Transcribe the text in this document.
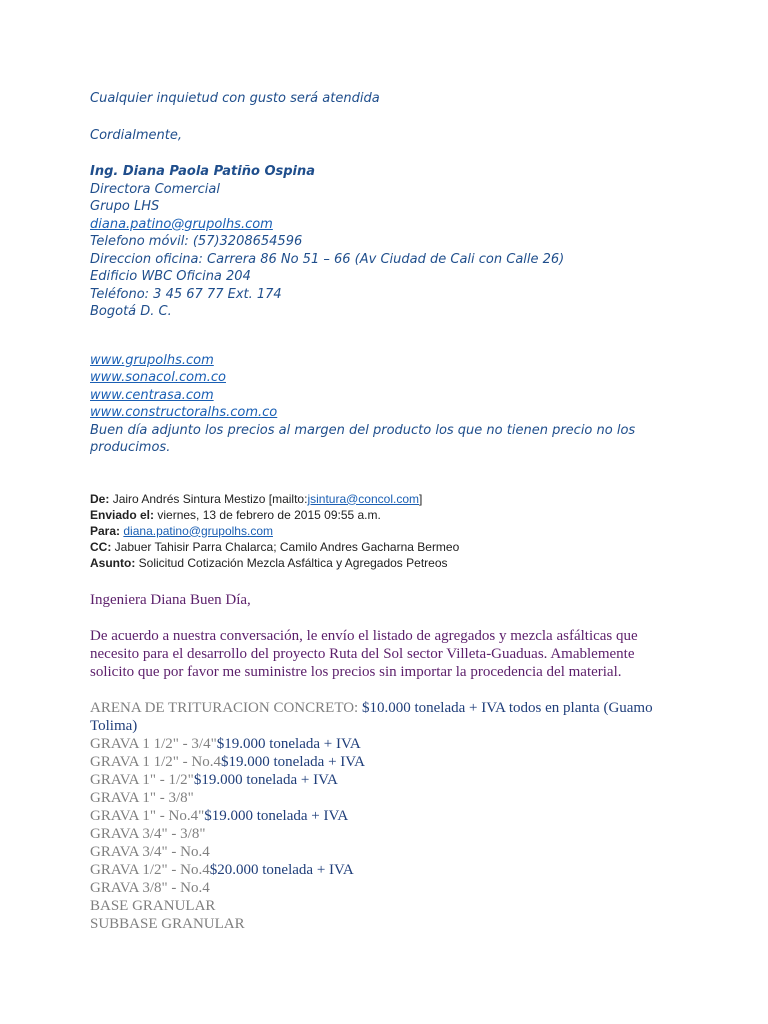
Cualquier inquietud con gusto será atendida
Cordialmente,
Ing. Diana Paola Patiño Ospina
Directora Comercial
Grupo LHS
diana.patino@grupolhs.com
Telefono móvil: (57)3208654596
Direccion oficina: Carrera 86 No 51 – 66 (Av Ciudad de Cali con Calle 26)
Edificio WBC Oficina 204
Teléfono: 3 45 67 77 Ext. 174
Bogotá D. C.
www.grupolhs.com
www.sonacol.com.co
www.centrasa.com
www.constructoralhs.com.co
Buen día adjunto los precios al margen del producto los que no tienen precio no los
producimos.
De: Jairo Andrés Sintura Mestizo [mailto:jsintura@concol.com]
Enviado el: viernes, 13 de febrero de 2015 09:55 a.m.
Para: diana.patino@grupolhs.com
CC: Jabuer Tahisir Parra Chalarca; Camilo Andres Gacharna Bermeo
Asunto: Solicitud Cotización Mezcla Asfáltica y Agregados Petreos
Ingeniera Diana Buen Día,
De acuerdo a nuestra conversación, le envío el listado de agregados y mezcla asfálticas que
necesito para el desarrollo del proyecto Ruta del Sol sector Villeta-Guaduas. Amablemente
solicito que por favor me suministre los precios sin importar la procedencia del material.
ARENA DE TRITURACION CONCRETO: $10.000 tonelada + IVA todos en planta (Guamo
Tolima)
GRAVA 1 1/2" - 3/4"$19.000 tonelada + IVA
GRAVA 1 1/2" - No.4$19.000 tonelada + IVA
GRAVA 1" - 1/2"$19.000 tonelada + IVA
GRAVA 1" - 3/8"
GRAVA 1" - No.4"$19.000 tonelada + IVA
GRAVA 3/4" - 3/8"
GRAVA 3/4" - No.4
GRAVA 1/2" - No.4$20.000 tonelada + IVA
GRAVA 3/8" - No.4
BASE GRANULAR
SUBBASE GRANULAR
